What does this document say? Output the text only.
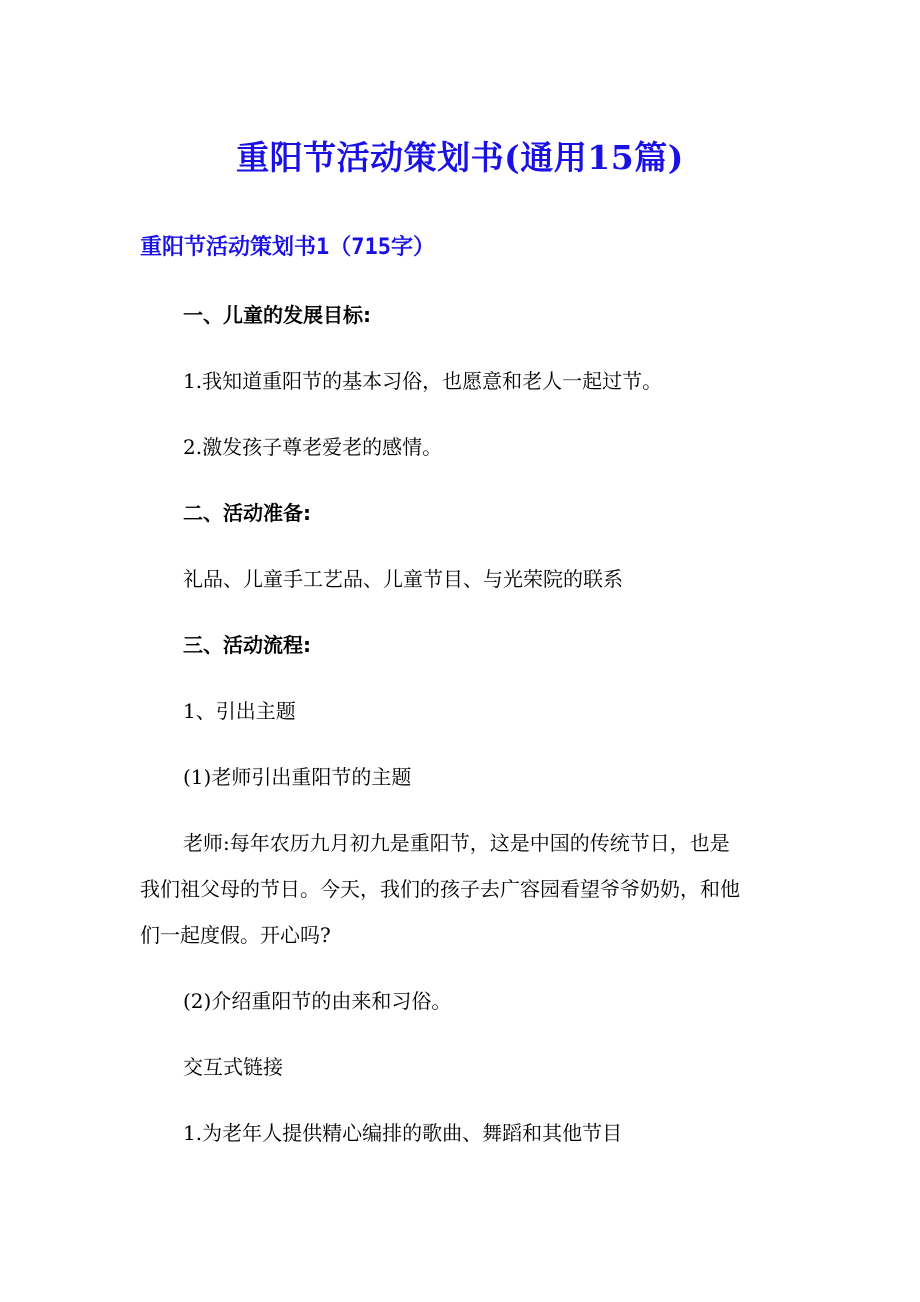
重阳节活动策划书(通用15篇)
重阳节活动策划书1（715字）
一、儿童的发展目标:
1.我知道重阳节的基本习俗，也愿意和老人一起过节。
2.激发孩子尊老爱老的感情。
二、活动准备:
礼品、儿童手工艺品、儿童节目、与光荣院的联系
三、活动流程:
1、引出主题
(1)老师引出重阳节的主题
老师:每年农历九月初九是重阳节，这是中国的传统节日，也是
我们祖父母的节日。今天，我们的孩子去广容园看望爷爷奶奶，和他
们一起度假。开心吗?
(2)介绍重阳节的由来和习俗。
交互式链接
1.为老年人提供精心编排的歌曲、舞蹈和其他节目
